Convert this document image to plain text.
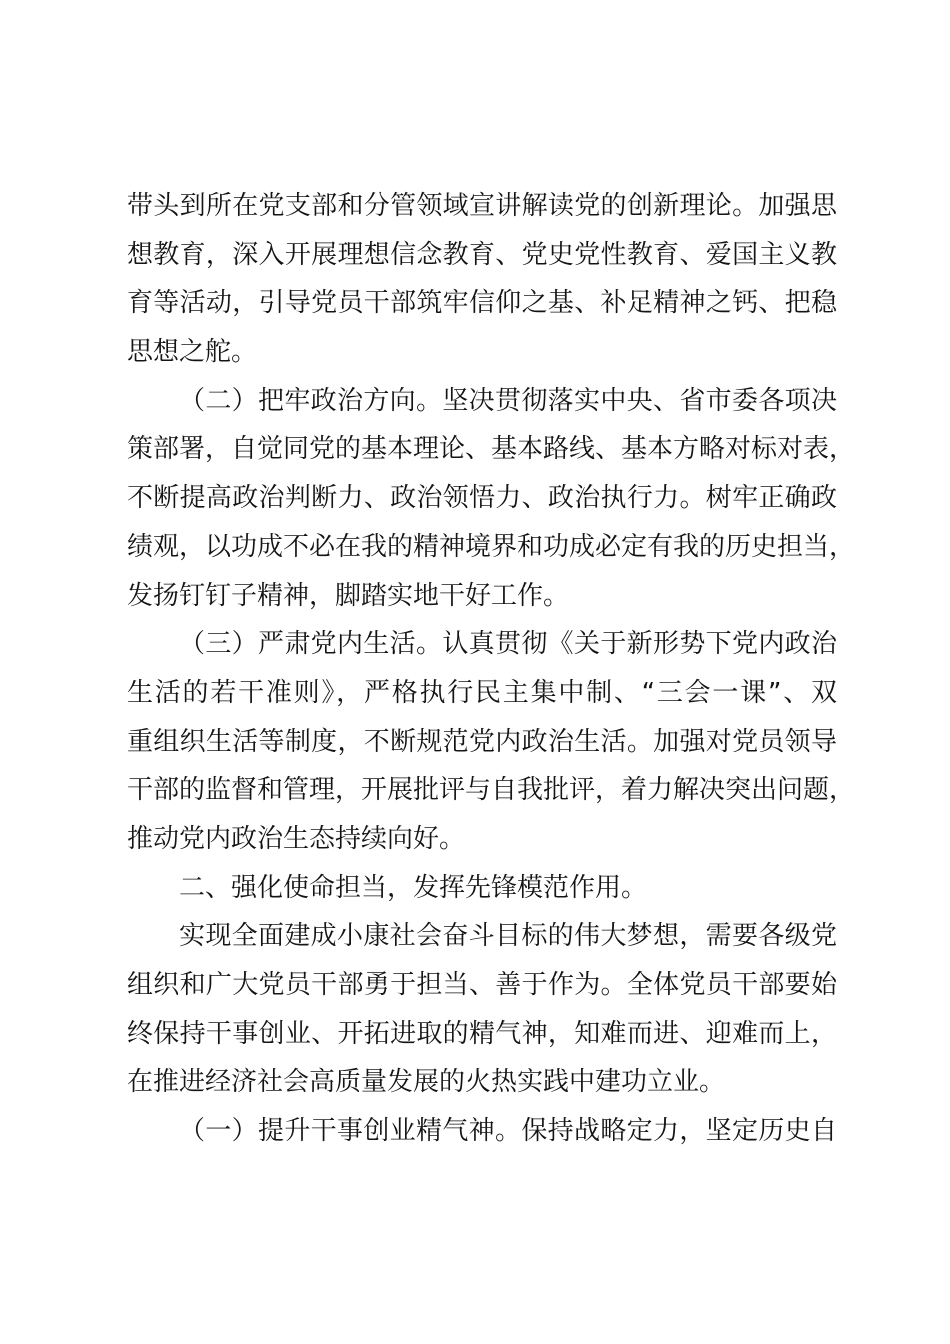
带头到所在党支部和分管领域宣讲解读党的创新理论。加强思
想教育，深入开展理想信念教育、党史党性教育、爱国主义教
育等活动，引导党员干部筑牢信仰之基、补足精神之钙、把稳
思想之舵。
（二）把牢政治方向。坚决贯彻落实中央、省市委各项决
策部署，自觉同党的基本理论、基本路线、基本方略对标对表，
不断提高政治判断力、政治领悟力、政治执行力。树牢正确政
绩观，以功成不必在我的精神境界和功成必定有我的历史担当，
发扬钉钉子精神，脚踏实地干好工作。
（三）严肃党内生活。认真贯彻《关于新形势下党内政治
生活的若干准则》，严格执行民主集中制、“三会一课”、双
重组织生活等制度，不断规范党内政治生活。加强对党员领导
干部的监督和管理，开展批评与自我批评，着力解决突出问题，
推动党内政治生态持续向好。
二、强化使命担当，发挥先锋模范作用。
实现全面建成小康社会奋斗目标的伟大梦想，需要各级党
组织和广大党员干部勇于担当、善于作为。全体党员干部要始
终保持干事创业、开拓进取的精气神，知难而进、迎难而上，
在推进经济社会高质量发展的火热实践中建功立业。
（一）提升干事创业精气神。保持战略定力，坚定历史自
